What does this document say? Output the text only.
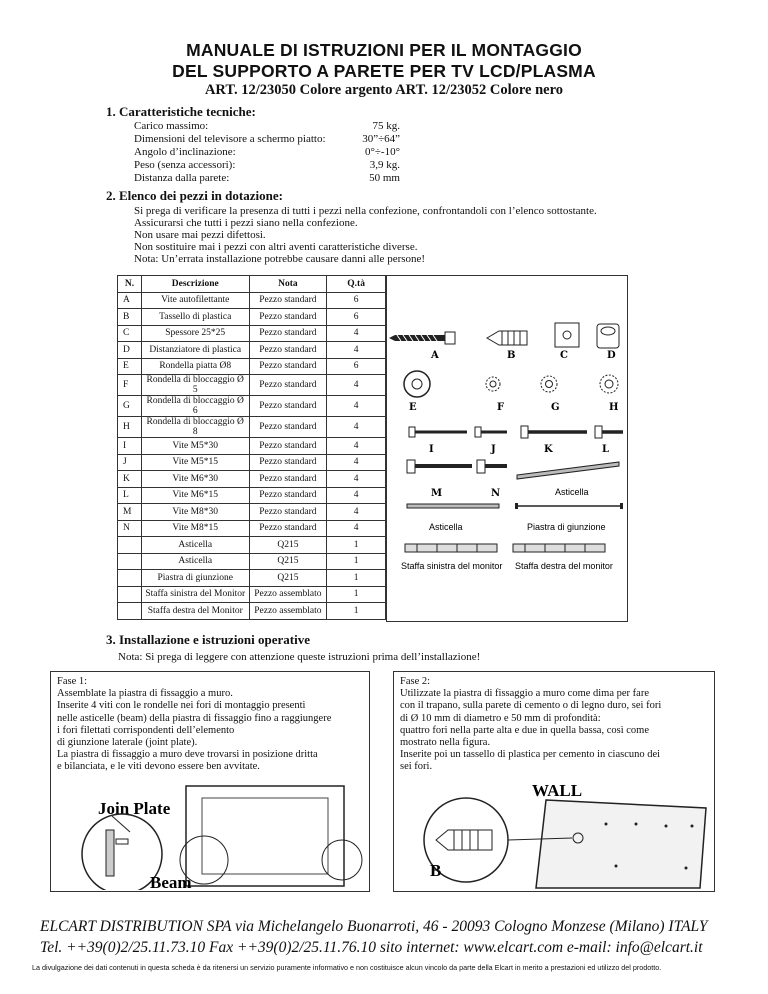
MANUALE DI ISTRUZIONI PER IL MONTAGGIO
DEL SUPPORTO A PARETE PER TV LCD/PLASMA
ART. 12/23050 Colore argento ART. 12/23052 Colore nero
1. Caratteristiche tecniche:
Carico massimo:	75 kg.
Dimensioni del televisore a schermo piatto:	30”÷64”
Angolo d’inclinazione:	0°÷-10°
Peso (senza accessori):	3,9 kg.
Distanza dalla parete:	50 mm
2. Elenco dei pezzi in dotazione:
Si prega di verificare la presenza di tutti i pezzi nella confezione, confrontandoli con l’elenco sottostante.
Assicurarsi che tutti i pezzi siano nella confezione.
Non usare mai pezzi difettosi.
Non sostituire mai i pezzi con altri aventi caratteristiche diverse.
Nota: Un’errata installazione potrebbe causare danni alle persone!
N.	Descrizione	Nota	Q.tà
A	Vite autofilettante	Pezzo standard	6
B	Tassello di plastica	Pezzo standard	6
C	Spessore 25*25	Pezzo standard	4
D	Distanziatore di plastica	Pezzo standard	4
E	Rondella piatta Ø8	Pezzo standard	6
F	Rondella di bloccaggio Ø 5	Pezzo standard	4
G	Rondella di bloccaggio Ø 6	Pezzo standard	4
H	Rondella di bloccaggio Ø 8	Pezzo standard	4
I	Vite M5*30	Pezzo standard	4
J	Vite M5*15	Pezzo standard	4
K	Vite M6*30	Pezzo standard	4
L	Vite M6*15	Pezzo standard	4
M	Vite M8*30	Pezzo standard	4
N	Vite M8*15	Pezzo standard	4
	Asticella	Q215	1
	Asticella	Q215	1
	Piastra di giunzione	Q215	1
	Staffa sinistra del Monitor	Pezzo assemblato	1
	Staffa destra del Monitor	Pezzo assemblato	1
A	B	C	D
E	F	G	H
I	J	K	L
M	N	Asticella
Asticella	Piastra di giunzione
Staffa sinistra del monitor Staffa destra del monitor
3. Installazione e istruzioni operative
Nota: Si prega di leggere con attenzione queste istruzioni prima dell’installazione!
Fase 1:
Assemblate la piastra di fissaggio a muro.
Inserite 4 viti con le rondelle nei fori di montaggio presenti
nelle asticelle (beam) della piastra di fissaggio fino a raggiungere
i fori filettati corrispondenti dell’elemento
di giunzione laterale (joint plate).
La piastra di fissaggio a muro deve trovarsi in posizione dritta
e bilanciata, e le viti devono essere ben avvitate.
Join Plate
Beam
Fase 2:
Utilizzate la piastra di fissaggio a muro come dima per fare
con il trapano, sulla parete di cemento o di legno duro, sei fori
di Ø 10 mm di diametro e 50 mm di profondità:
quattro fori nella parte alta e due in quella bassa, così come
mostrato nella figura.
Inserite poi un tassello di plastica per cemento in ciascuno dei
sei fori.
WALL
B
ELCART DISTRIBUTION SPA via Michelangelo Buonarroti, 46 - 20093 Cologno Monzese (Milano) ITALY
Tel. ++39(0)2/25.11.73.10 Fax ++39(0)2/25.11.76.10 sito internet: www.elcart.com e-mail: info@elcart.it
La divulgazione dei dati contenuti in questa scheda è da ritenersi un servizio puramente informativo e non costituisce alcun vincolo da parte della Elcart in merito a prestazioni ed utilizzo del prodotto.
